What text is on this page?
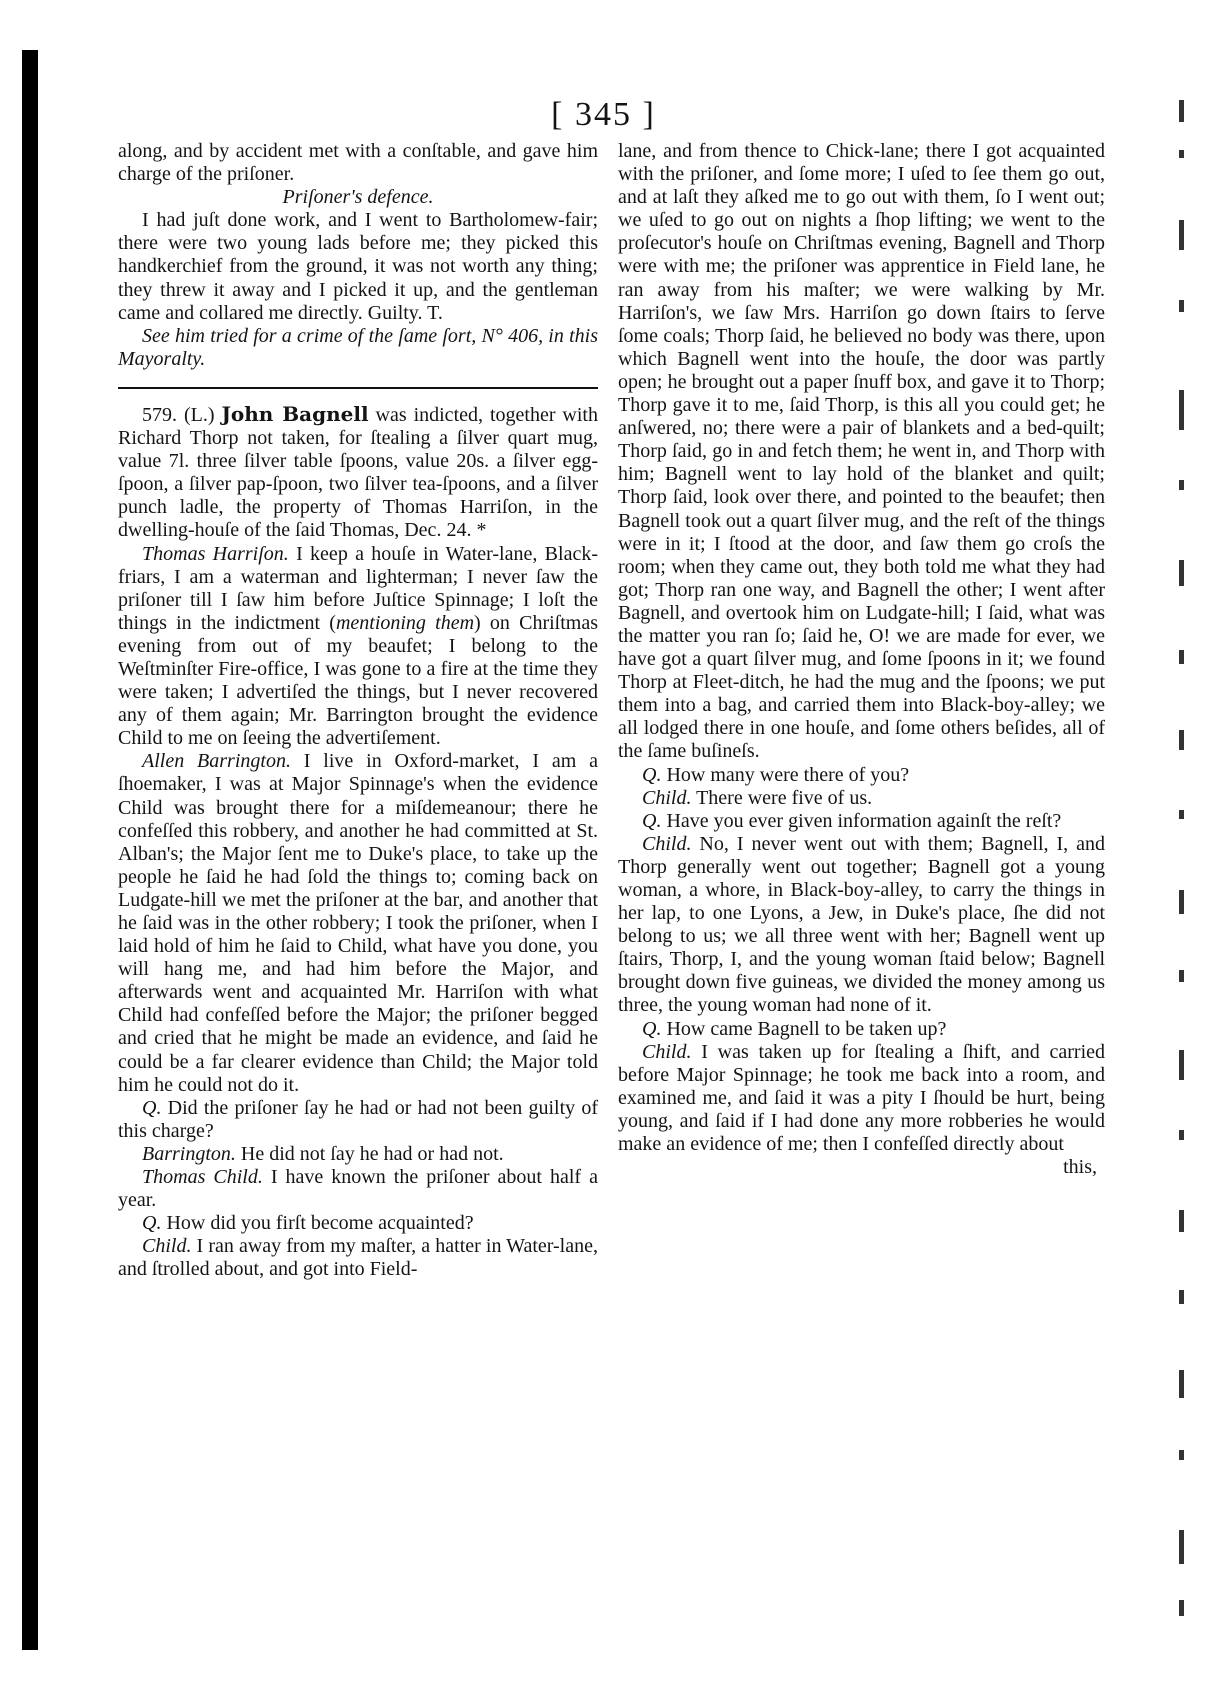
[ 345 ]

along, and by accident met with a conſtable, and gave him charge of the priſoner.

Priſoner's defence.

I had juſt done work, and I went to Bartholomew-fair; there were two young lads before me; they picked this handkerchief from the ground, it was not worth any thing; they threw it away and I picked it up, and the gentleman came and collared me directly. Guilty. T.

See him tried for a crime of the ſame ſort, N° 406, in this Mayoralty.

579. (L.) John Bagnell was indicted, together with Richard Thorp not taken, for ſtealing a ſilver quart mug, value 7l. three ſilver table ſpoons, value 20s. a ſilver egg-ſpoon, a ſilver pap-ſpoon, two ſilver tea-ſpoons, and a ſilver punch ladle, the property of Thomas Harriſon, in the dwelling-houſe of the ſaid Thomas, Dec. 24. *

Thomas Harriſon. I keep a houſe in Water-lane, Black-friars, I am a waterman and lighterman; I never ſaw the priſoner till I ſaw him before Juſtice Spinnage; I loſt the things in the indictment (mentioning them) on Chriſtmas evening from out of my beaufet; I belong to the Weſtminſter Fire-office, I was gone to a fire at the time they were taken; I advertiſed the things, but I never recovered any of them again; Mr. Barrington brought the evidence Child to me on ſeeing the advertiſement.

Allen Barrington. I live in Oxford-market, I am a ſhoemaker, I was at Major Spinnage's when the evidence Child was brought there for a miſdemeanour; there he confeſſed this robbery, and another he had committed at St. Alban's; the Major ſent me to Duke's place, to take up the people he ſaid he had ſold the things to; coming back on Ludgate-hill we met the priſoner at the bar, and another that he ſaid was in the other robbery; I took the priſoner, when I laid hold of him he ſaid to Child, what have you done, you will hang me, and had him before the Major, and afterwards went and acquainted Mr. Harriſon with what Child had confeſſed before the Major; the priſoner begged and cried that he might be made an evidence, and ſaid he could be a far clearer evidence than Child; the Major told him he could not do it.

Q. Did the priſoner ſay he had or had not been guilty of this charge?

Barrington. He did not ſay he had or had not.

Thomas Child. I have known the priſoner about half a year.

Q. How did you firſt become acquainted?

Child. I ran away from my maſter, a hatter in Water-lane, and ſtrolled about, and got into Field-

lane, and from thence to Chick-lane; there I got acquainted with the priſoner, and ſome more; I uſed to ſee them go out, and at laſt they aſked me to go out with them, ſo I went out; we uſed to go out on nights a ſhop lifting; we went to the proſecutor's houſe on Chriſtmas evening, Bagnell and Thorp were with me; the priſoner was apprentice in Field lane, he ran away from his maſter; we were walking by Mr. Harriſon's, we ſaw Mrs. Harriſon go down ſtairs to ſerve ſome coals; Thorp ſaid, he believed no body was there, upon which Bagnell went into the houſe, the door was partly open; he brought out a paper ſnuff box, and gave it to Thorp; Thorp gave it to me, ſaid Thorp, is this all you could get; he anſwered, no; there were a pair of blankets and a bed-quilt; Thorp ſaid, go in and fetch them; he went in, and Thorp with him; Bagnell went to lay hold of the blanket and quilt; Thorp ſaid, look over there, and pointed to the beaufet; then Bagnell took out a quart ſilver mug, and the reſt of the things were in it; I ſtood at the door, and ſaw them go croſs the room; when they came out, they both told me what they had got; Thorp ran one way, and Bagnell the other; I went after Bagnell, and overtook him on Ludgate-hill; I ſaid, what was the matter you ran ſo; ſaid he, O! we are made for ever, we have got a quart ſilver mug, and ſome ſpoons in it; we found Thorp at Fleet-ditch, he had the mug and the ſpoons; we put them into a bag, and carried them into Black-boy-alley; we all lodged there in one houſe, and ſome others beſides, all of the ſame buſineſs.

Q. How many were there of you?

Child. There were five of us.

Q. Have you ever given information againſt the reſt?

Child. No, I never went out with them; Bagnell, I, and Thorp generally went out together; Bagnell got a young woman, a whore, in Black-boy-alley, to carry the things in her lap, to one Lyons, a Jew, in Duke's place, ſhe did not belong to us; we all three went with her; Bagnell went up ſtairs, Thorp, I, and the young woman ſtaid below; Bagnell brought down five guineas, we divided the money among us three, the young woman had none of it.

Q. How came Bagnell to be taken up?

Child. I was taken up for ſtealing a ſhift, and carried before Major Spinnage; he took me back into a room, and examined me, and ſaid it was a pity I ſhould be hurt, being young, and ſaid if I had done any more robberies he would make an evidence of me; then I confeſſed directly about

this,
